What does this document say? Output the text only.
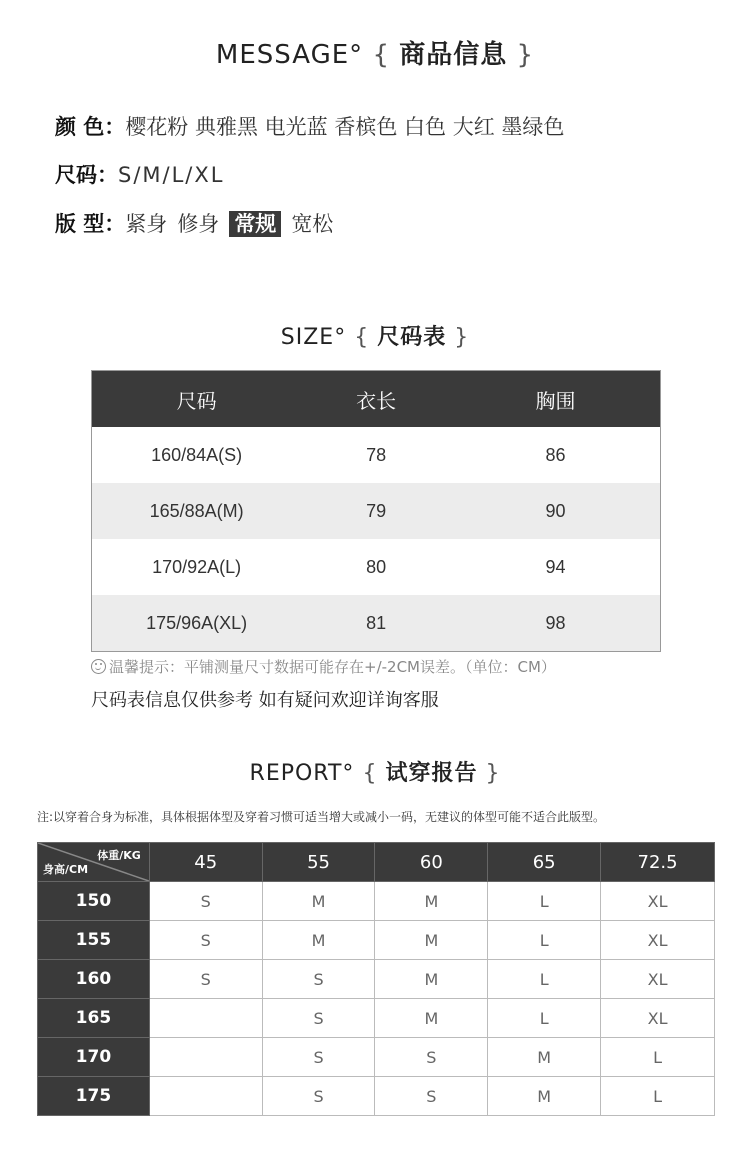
MESSAGE° { 商品信息 }
颜 色：樱花粉 典雅黑 电光蓝 香槟色 白色 大红 墨绿色
尺码：S/M/L/XL
版 型：紧身 修身 常规 宽松
SIZE° { 尺码表 }
尺码	衣长	胸围
160/84A(S)	78	86
165/88A(M)	79	90
170/92A(L)	80	94
175/96A(XL)	81	98
温馨提示：平铺测量尺寸数据可能存在+/-2CM误差。（单位：CM）
尺码表信息仅供参考 如有疑问欢迎详询客服
REPORT° { 试穿报告 }
注:以穿着合身为标准，具体根据体型及穿着习惯可适当增大或减小一码，无建议的体型可能不适合此版型。
体重/KG
身高/CM	45	55	60	65	72.5
150	S	M	M	L	XL
155	S	M	M	L	XL
160	S	S	M	L	XL
165		S	M	L	XL
170		S	S	M	L
175		S	S	M	L
